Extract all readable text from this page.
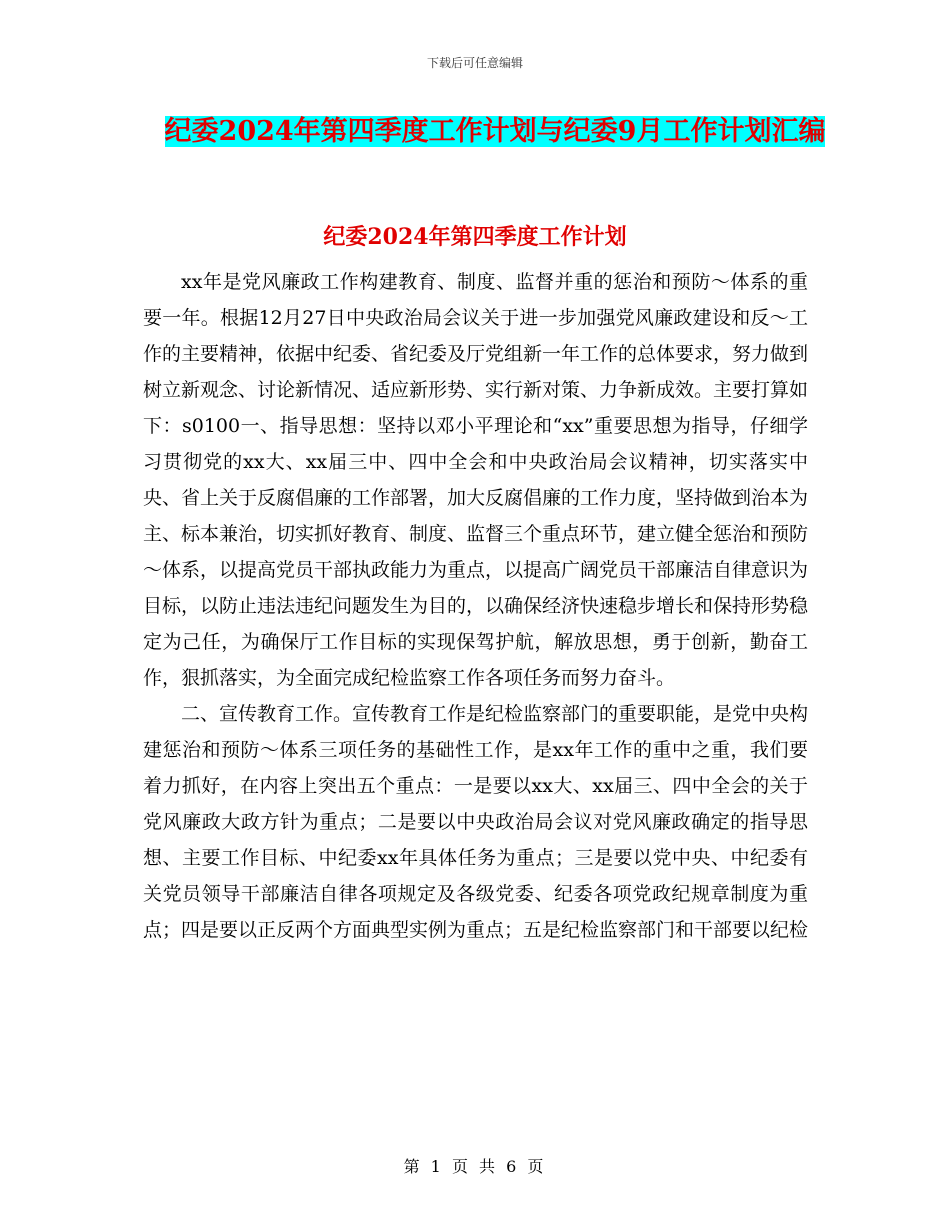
下载后可任意编辑
纪委2024年第四季度工作计划与纪委9月工作计划汇编
纪委2024年第四季度工作计划

xx年是党风廉政工作构建教育、制度、监督并重的惩治和预防～体系的重要一年。根据12月27日中央政治局会议关于进一步加强党风廉政建设和反～工作的主要精神，依据中纪委、省纪委及厅党组新一年工作的总体要求，努力做到树立新观念、讨论新情况、适应新形势、实行新对策、力争新成效。主要打算如下：s0100一、指导思想：坚持以邓小平理论和“xx”重要思想为指导，仔细学习贯彻党的xx大、xx届三中、四中全会和中央政治局会议精神，切实落实中央、省上关于反腐倡廉的工作部署，加大反腐倡廉的工作力度，坚持做到治本为主、标本兼治，切实抓好教育、制度、监督三个重点环节，建立健全惩治和预防～体系，以提高党员干部执政能力为重点，以提高广阔党员干部廉洁自律意识为目标，以防止违法违纪问题发生为目的，以确保经济快速稳步增长和保持形势稳定为己任，为确保厅工作目标的实现保驾护航，解放思想，勇于创新，勤奋工作，狠抓落实，为全面完成纪检监察工作各项任务而努力奋斗。

二、宣传教育工作。宣传教育工作是纪检监察部门的重要职能，是党中央构建惩治和预防～体系三项任务的基础性工作，是xx年工作的重中之重，我们要着力抓好，在内容上突出五个重点：一是要以xx大、xx届三、四中全会的关于党风廉政大政方针为重点；二是要以中央政治局会议对党风廉政确定的指导思想、主要工作目标、中纪委xx年具体任务为重点；三是要以党中央、中纪委有关党员领导干部廉洁自律各项规定及各级党委、纪委各项党政纪规章制度为重点；四是要以正反两个方面典型实例为重点；五是纪检监察部门和干部要以纪检

第 1 页 共 6 页
